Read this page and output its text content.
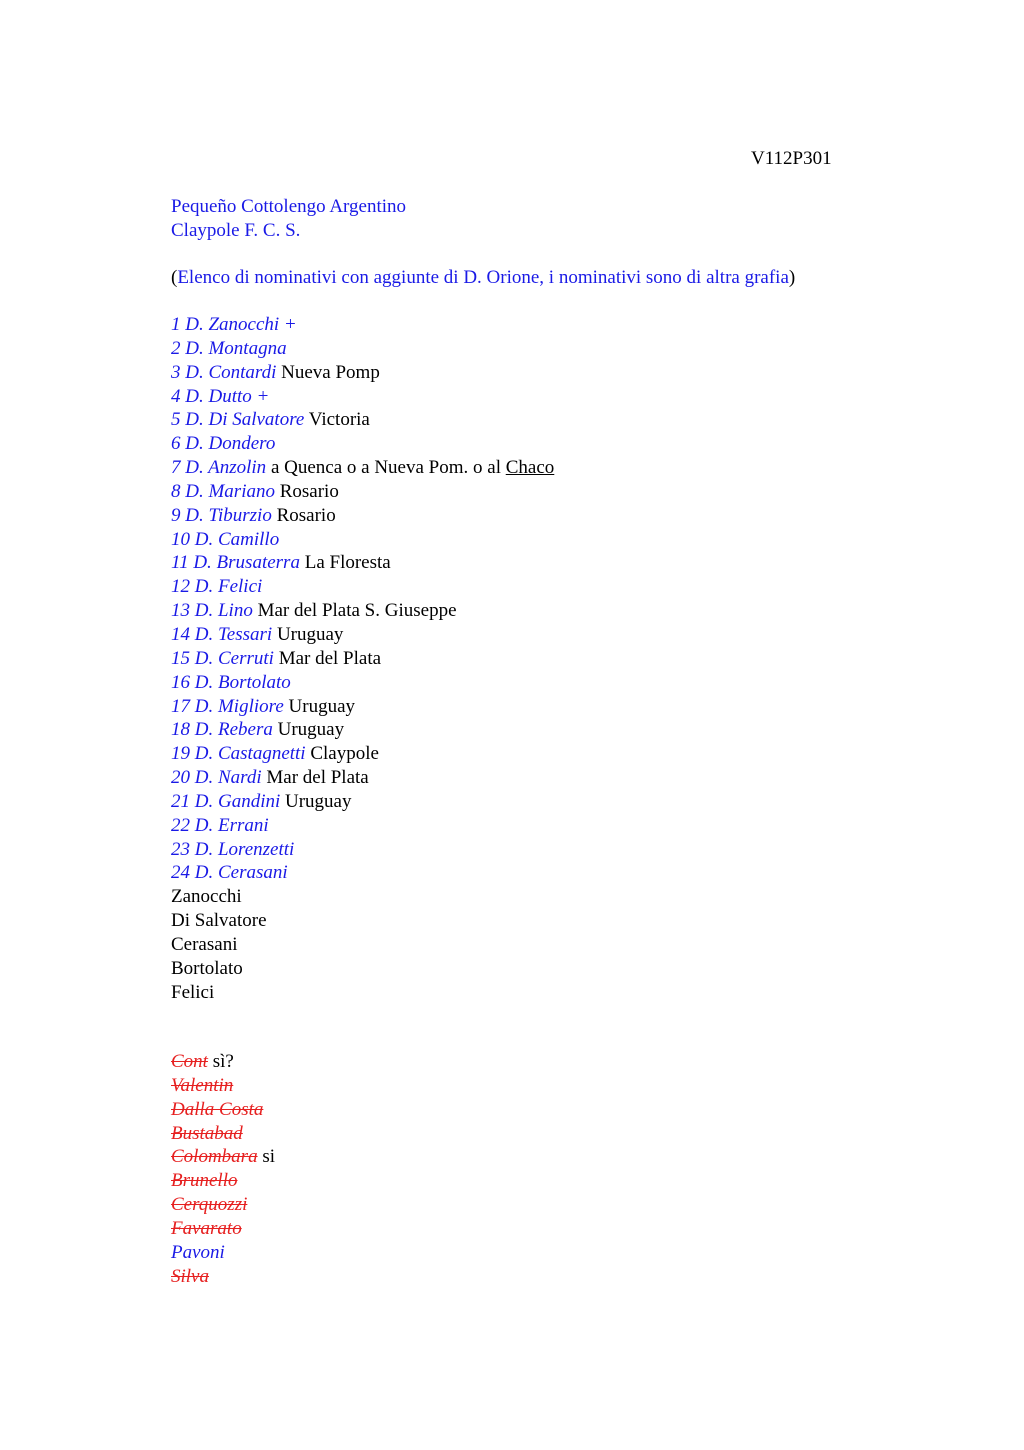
V112P301
Pequeño Cottolengo Argentino
Claypole F. C. S.
(Elenco di nominativi con aggiunte di D. Orione, i nominativi sono di altra grafia)
1 D. Zanocchi +
2 D. Montagna
3 D. Contardi Nueva Pomp
4 D. Dutto +
5 D. Di Salvatore Victoria
6 D. Dondero
7 D. Anzolin a Quenca o a Nueva Pom. o al Chaco
8 D. Mariano Rosario
9 D. Tiburzio Rosario
10 D. Camillo
11 D. Brusaterra La Floresta
12 D. Felici
13 D. Lino Mar del Plata S. Giuseppe
14 D. Tessari Uruguay
15 D. Cerruti Mar del Plata
16 D. Bortolato
17 D. Migliore Uruguay
18 D. Rebera Uruguay
19 D. Castagnetti Claypole
20 D. Nardi Mar del Plata
21 D. Gandini Uruguay
22 D. Errani
23 D. Lorenzetti
24 D. Cerasani
Zanocchi
Di Salvatore
Cerasani
Bortolato
Felici
Cont sì?
Valentin
Dalla Costa
Bustabad
Colombara si
Brunello
Cerquozzi
Favarato
Pavoni
Silva
